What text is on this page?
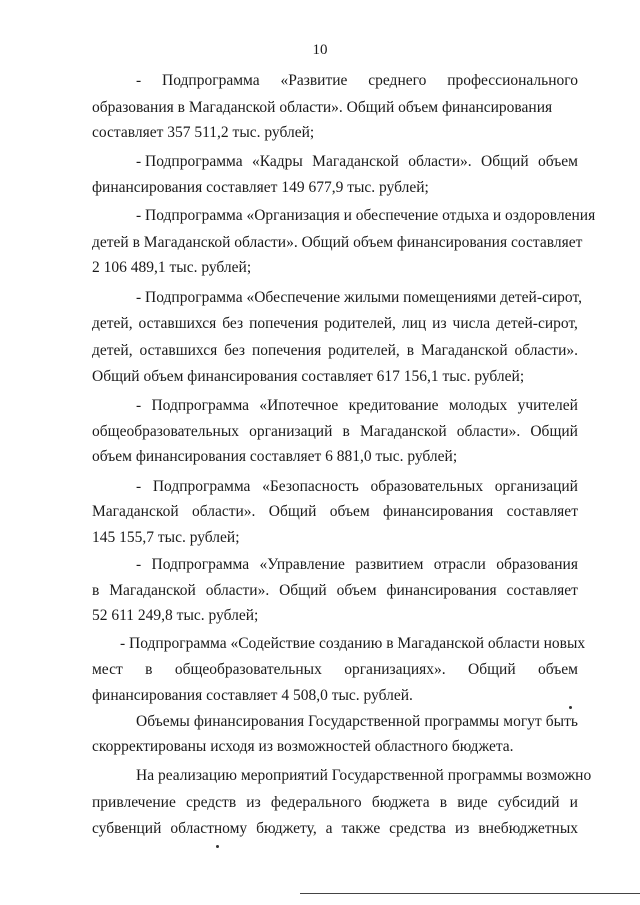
10
- Подпрограмма «Развитие среднего профессионального
образования в Магаданской области». Общий объем финансирования
составляет 357 511,2 тыс. рублей;
- Подпрограмма «Кадры Магаданской области». Общий объем
финансирования составляет 149 677,9 тыс. рублей;
- Подпрограмма «Организация и обеспечение отдыха и оздоровления
детей в Магаданской области». Общий объем финансирования составляет
2 106 489,1 тыс. рублей;
- Подпрограмма «Обеспечение жилыми помещениями детей-сирот,
детей, оставшихся без попечения родителей, лиц из числа детей-сирот,
детей, оставшихся без попечения родителей, в Магаданской области».
Общий объем финансирования составляет 617 156,1 тыс. рублей;
- Подпрограмма «Ипотечное кредитование молодых учителей
общеобразовательных организаций в Магаданской области». Общий
объем финансирования составляет 6 881,0 тыс. рублей;
- Подпрограмма «Безопасность образовательных организаций
Магаданской области». Общий объем финансирования составляет
145 155,7 тыс. рублей;
- Подпрограмма «Управление развитием отрасли образования
в Магаданской области». Общий объем финансирования составляет
52 611 249,8 тыс. рублей;
- Подпрограмма «Содействие созданию в Магаданской области новых
мест в общеобразовательных организациях». Общий объем
финансирования составляет 4 508,0 тыс. рублей.
Объемы финансирования Государственной программы могут быть
скорректированы исходя из возможностей областного бюджета.
На реализацию мероприятий Государственной программы возможно
привлечение средств из федерального бюджета в виде субсидий и
субвенций областному бюджету, а также средства из внебюджетных
